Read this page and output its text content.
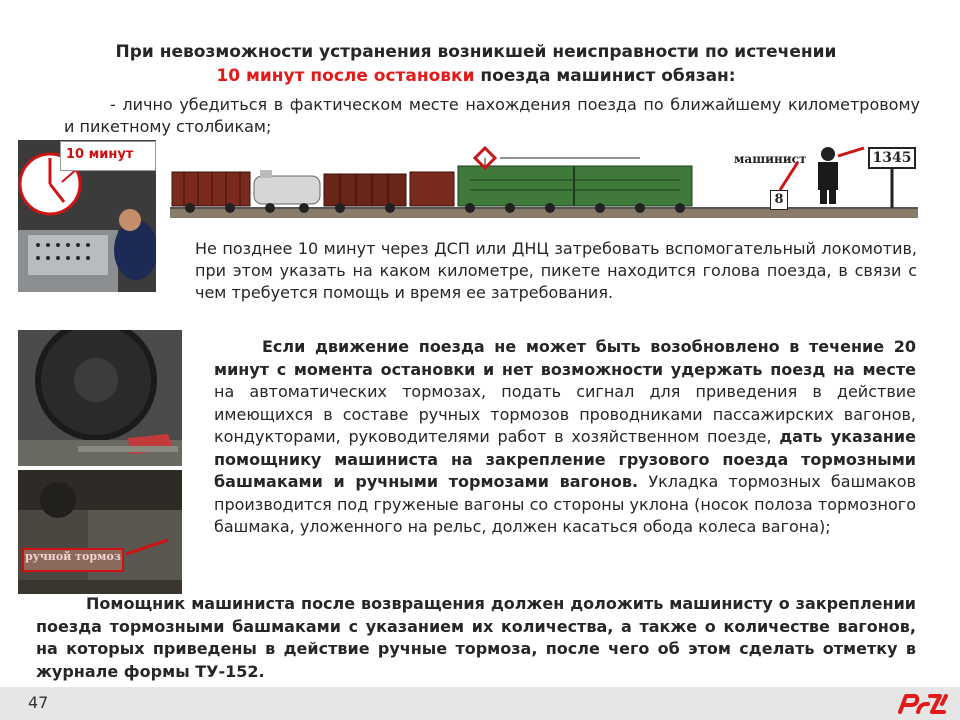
При невозможности устранения возникшей неисправности по истечении
10 минут после остановки поезда машинист обязан:
- лично убедиться в фактическом месте нахождения поезда по ближайшему километровому и пикетному столбикам;
10 минут	машинист	1345
8
Не позднее 10 минут через ДСП или ДНЦ затребовать вспомогательный локомотив, при этом указать на каком километре, пикете находится голова поезда, в связи с чем требуется помощь и время ее затребования.
ручной тормоз
Если движение поезда не может быть возобновлено в течение 20 минут с момента остановки и нет возможности удержать поезд на месте на автоматических тормозах, подать сигнал для приведения в действие имеющихся в составе ручных тормозов проводниками пассажирских вагонов, кондукторами, руководителями работ в хозяйственном поезде, дать указание помощнику машиниста на закрепление грузового поезда тормозными башмаками и ручными тормозами вагонов. Укладка тормозных башмаков производится под груженые вагоны со стороны уклона (носок полоза тормозного башмака, уложенного на рельс, должен касаться обода колеса вагона);
Помощник машиниста после возвращения должен доложить машинисту о закреплении поезда тормозными башмаками с указанием их количества, а также о количестве вагонов, на которых приведены в действие ручные тормоза, после чего об этом сделать отметку в журнале формы ТУ-152.
47
